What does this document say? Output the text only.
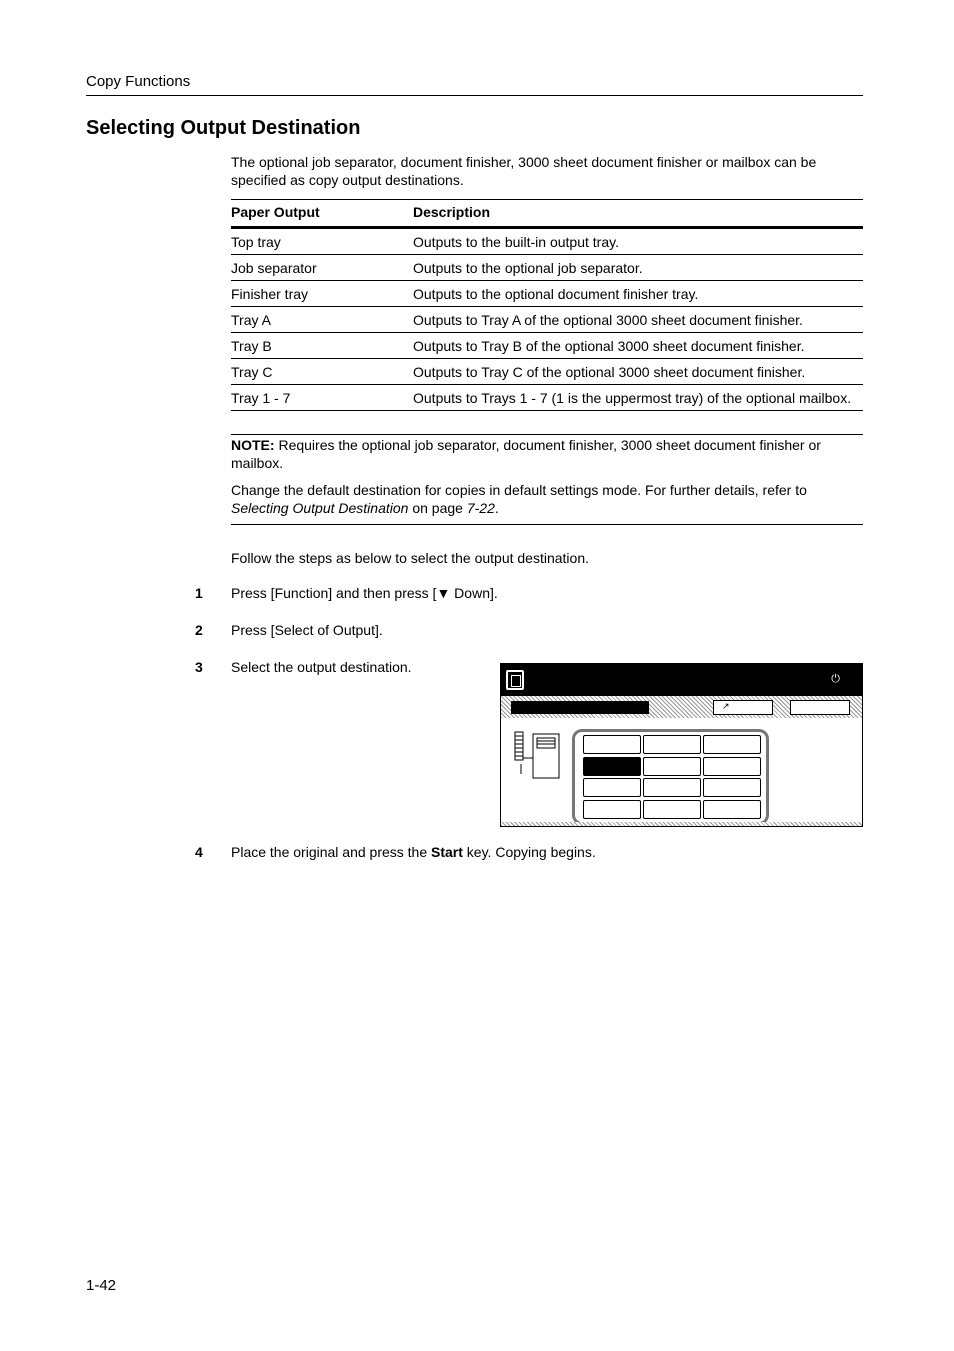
Copy Functions
Selecting Output Destination
The optional job separator, document finisher, 3000 sheet document finisher or mailbox can be specified as copy output destinations.
Paper Output	Description
Top tray	Outputs to the built-in output tray.
Job separator	Outputs to the optional job separator.
Finisher tray	Outputs to the optional document finisher tray.
Tray A	Outputs to Tray A of the optional 3000 sheet document finisher.
Tray B	Outputs to Tray B of the optional 3000 sheet document finisher.
Tray C	Outputs to Tray C of the optional 3000 sheet document finisher.
Tray 1 - 7	Outputs to Trays 1 - 7 (1 is the uppermost tray) of the optional mailbox.
NOTE: Requires the optional job separator, document finisher, 3000 sheet document finisher or mailbox.
Change the default destination for copies in default settings mode. For further details, refer to Selecting Output Destination on page 7-22.
Follow the steps as below to select the output destination.
1 Press [Function] and then press [▼ Down].
2 Press [Select of Output].
3 Select the output destination.
⏻
↗
4 Place the original and press the Start key. Copying begins.
1-42
